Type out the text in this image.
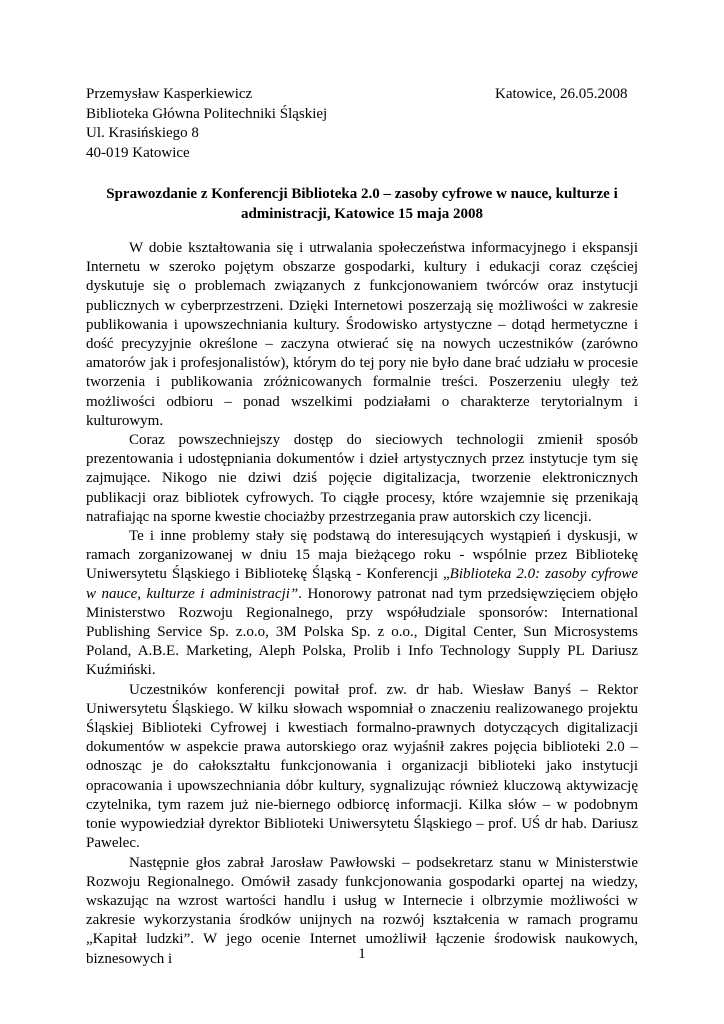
Przemysław Kasperkiewicz
Biblioteka Główna Politechniki Śląskiej
Ul. Krasińskiego 8
40-019 Katowice
Katowice, 26.05.2008
Sprawozdanie z Konferencji Biblioteka 2.0 – zasoby cyfrowe w nauce, kulturze i administracji, Katowice 15 maja 2008

W dobie kształtowania się i utrwalania społeczeństwa informacyjnego i ekspansji Internetu w szeroko pojętym obszarze gospodarki, kultury i edukacji coraz częściej dyskutuje się o problemach związanych z funkcjonowaniem twórców oraz instytucji publicznych w cyberprzestrzeni. Dzięki Internetowi poszerzają się możliwości w zakresie publikowania i upowszechniania kultury. Środowisko artystyczne – dotąd hermetyczne i dość precyzyjnie określone – zaczyna otwierać się na nowych uczestników (zarówno amatorów jak i profesjonalistów), którym do tej pory nie było dane brać udziału w procesie tworzenia i publikowania zróżnicowanych formalnie treści. Poszerzeniu uległy też możliwości odbioru – ponad wszelkimi podziałami o charakterze terytorialnym i kulturowym.

Coraz powszechniejszy dostęp do sieciowych technologii zmienił sposób prezentowania i udostępniania dokumentów i dzieł artystycznych przez instytucje tym się zajmujące. Nikogo nie dziwi dziś pojęcie digitalizacja, tworzenie elektronicznych publikacji oraz bibliotek cyfrowych. To ciągłe procesy, które wzajemnie się przenikają natrafiając na sporne kwestie chociażby przestrzegania praw autorskich czy licencji.

Te i inne problemy stały się podstawą do interesujących wystąpień i dyskusji, w ramach zorganizowanej w dniu 15 maja bieżącego roku - wspólnie przez Bibliotekę Uniwersytetu Śląskiego i Bibliotekę Śląską - Konferencji „Biblioteka 2.0: zasoby cyfrowe w nauce, kulturze i administracji”. Honorowy patronat nad tym przedsięwzięciem objęło Ministerstwo Rozwoju Regionalnego, przy współudziale sponsorów: International Publishing Service Sp. z.o.o, 3M Polska Sp. z o.o., Digital Center, Sun Microsystems Poland, A.B.E. Marketing, Aleph Polska, Prolib i Info Technology Supply PL Dariusz Kuźmiński.

Uczestników konferencji powitał prof. zw. dr hab. Wiesław Banyś – Rektor Uniwersytetu Śląskiego. W kilku słowach wspomniał o znaczeniu realizowanego projektu Śląskiej Biblioteki Cyfrowej i kwestiach formalno-prawnych dotyczących digitalizacji dokumentów w aspekcie prawa autorskiego oraz wyjaśnił zakres pojęcia biblioteki 2.0 – odnosząc je do całokształtu funkcjonowania i organizacji biblioteki jako instytucji opracowania i upowszechniania dóbr kultury, sygnalizując również kluczową aktywizację czytelnika, tym razem już nie-biernego odbiorcę informacji. Kilka słów – w podobnym tonie wypowiedział dyrektor Biblioteki Uniwersytetu Śląskiego – prof. UŚ dr hab. Dariusz Pawelec.

Następnie głos zabrał Jarosław Pawłowski – podsekretarz stanu w Ministerstwie Rozwoju Regionalnego. Omówił zasady funkcjonowania gospodarki opartej na wiedzy, wskazując na wzrost wartości handlu i usług w Internecie i olbrzymie możliwości w zakresie wykorzystania środków unijnych na rozwój kształcenia w ramach programu „Kapitał ludzki”. W jego ocenie Internet umożliwił łączenie środowisk naukowych, biznesowych i	1
